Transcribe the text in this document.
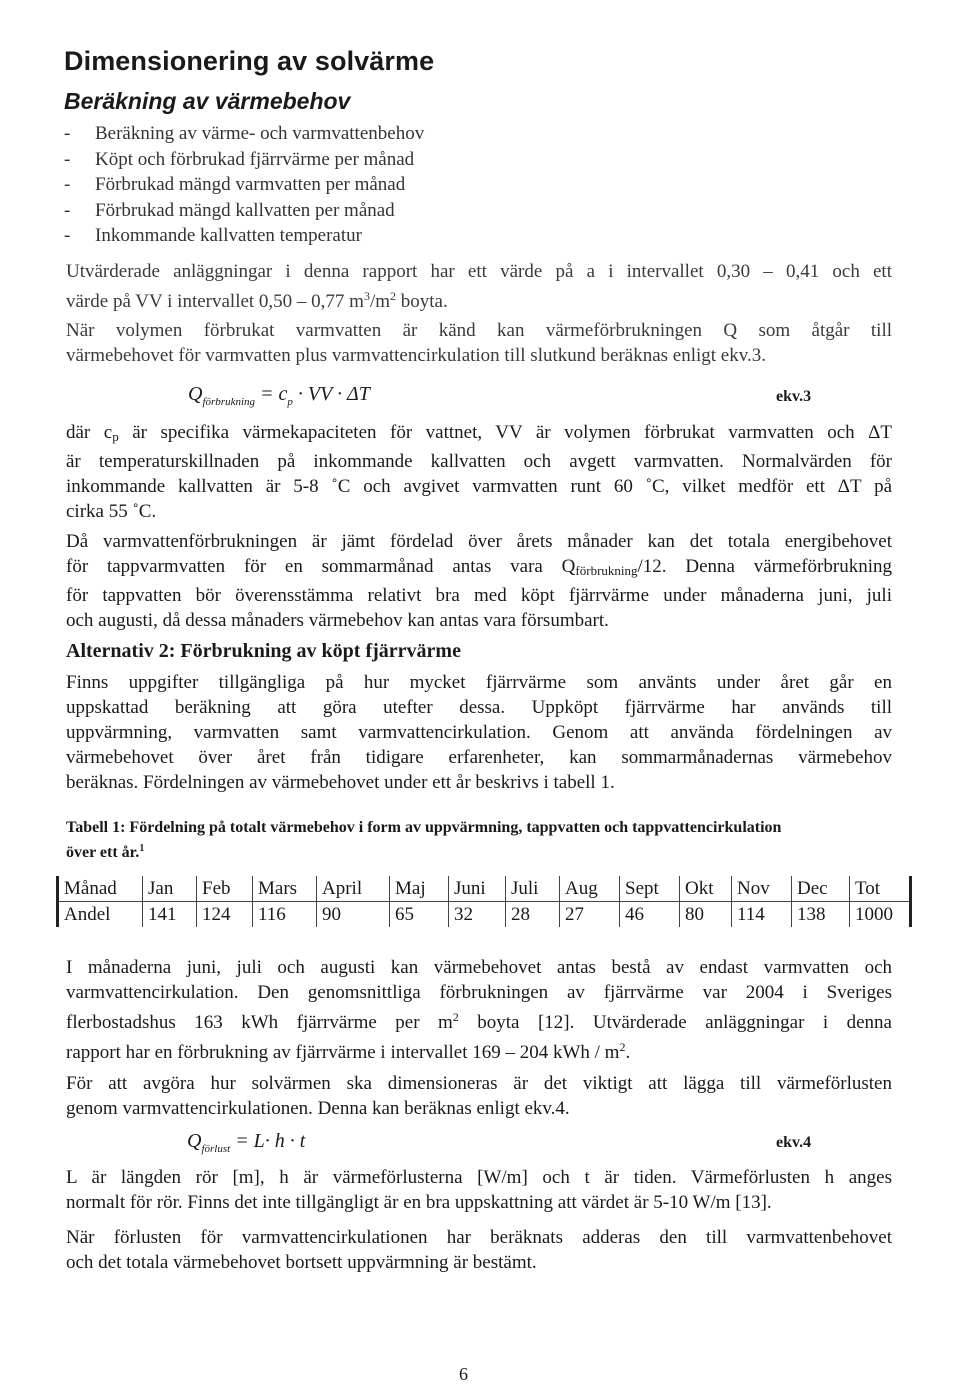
Dimensionering av solvärme
Beräkning av värmebehov
- Beräkning av värme- och varmvattenbehov
- Köpt och förbrukad fjärrvärme per månad
- Förbrukad mängd varmvatten per månad
- Förbrukad mängd kallvatten per månad
- Inkommande kallvatten temperatur

Utvärderade anläggningar i denna rapport har ett värde på a i intervallet 0,30 – 0,41 och ett
värde på VV i intervallet 0,50 – 0,77 $m^3/m^2$ boyta.

När volymen förbrukat varmvatten är känd kan värmeförbrukningen Q som åtgår till
värmebehovet för varmvatten plus varmvattencirkulation till slutkund beräknas enligt ekv.3.

$Q_{förbrukning} = c_p$ · VV · ΔT	ekv.3

där $c_p$ är specifika värmekapaciteten för vattnet, VV är volymen förbrukat varmvatten och ΔT
är temperaturskillnaden på inkommande kallvatten och avgett varmvatten. Normalvärden för
inkommande kallvatten är 5-8 ˚C och avgivet varmvatten runt 60 ˚C, vilket medför ett ΔT på
cirka 55 ˚C.

Då varmvattenförbrukningen är jämt fördelad över årets månader kan det totala energibehovet
för tappvarmvatten för en sommarmånad antas vara $Q_{förbrukning}/12$. Denna värmeförbrukning
för tappvatten bör överensstämma relativt bra med köpt fjärrvärme under månaderna juni, juli
och augusti, då dessa månaders värmebehov kan antas vara försumbart.

Alternativ 2: Förbrukning av köpt fjärrvärme

Finns uppgifter tillgängliga på hur mycket fjärrvärme som använts under året går en
uppskattad beräkning att göra utefter dessa. Uppköpt fjärrvärme har används till
uppvärmning, varmvatten samt varmvattencirkulation. Genom att använda fördelningen av
värmebehovet över året från tidigare erfarenheter, kan sommarmånadernas värmebehov
beräknas. Fördelningen av värmebehovet under ett år beskrivs i tabell 1.

Tabell 1: Fördelning på totalt värmebehov i form av uppvärmning, tappvatten och tappvattencirkulation
över ett år.$^1$

Månad	Jan	Feb	Mars	April	Maj	Juni	Juli	Aug	Sept	Okt	Nov	Dec	Tot
Andel	141	124	116	90	65	32	28	27	46	80	114	138	1000

I månaderna juni, juli och augusti kan värmebehovet antas bestå av endast varmvatten och
varmvattencirkulation. Den genomsnittliga förbrukningen av fjärrvärme var 2004 i Sveriges
flerbostadshus 163 kWh fjärrvärme per $m^2$ boyta [12]. Utvärderade anläggningar i denna
rapport har en förbrukning av fjärrvärme i intervallet 169 – 204 kWh / $m^2$.

För att avgöra hur solvärmen ska dimensioneras är det viktigt att lägga till värmeförlusten
genom varmvattencirkulationen. Denna kan beräknas enligt ekv.4.

$Q_{förlust} = L\cdot h \cdot t$	ekv.4

L är längden rör [m], h är värmeförlusterna [W/m] och t är tiden. Värmeförlusten h anges
normalt för rör. Finns det inte tillgängligt är en bra uppskattning att värdet är 5-10 W/m [13].

När förlusten för varmvattencirkulationen har beräknats adderas den till varmvattenbehovet
och det totala värmebehovet bortsett uppvärmning är bestämt.

6
